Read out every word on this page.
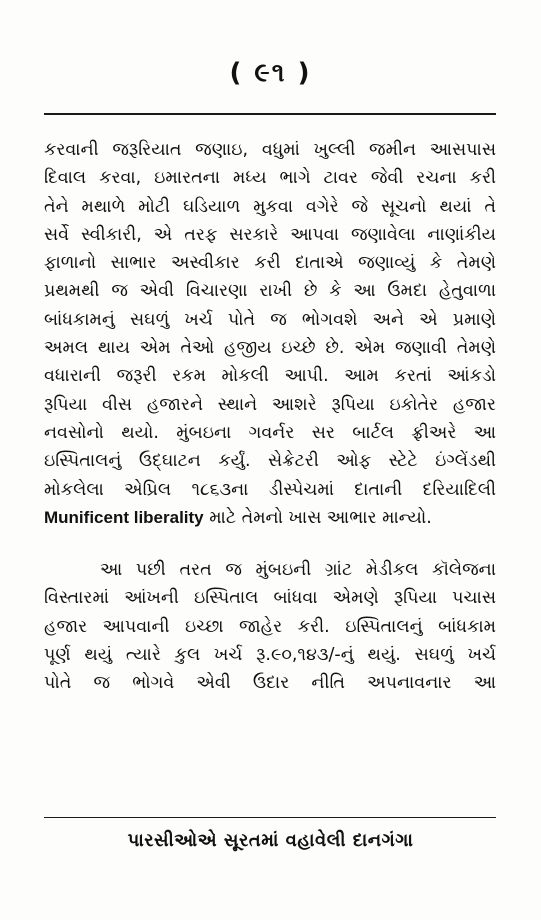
( ૯૧ )
કરવાની જરૂરિયાત જણાઇ, વધુમાં ખુલ્લી જમીન આસપાસ
દિવાલ કરવા, ઇમારતના મધ્ય ભાગે ટાવર જેવી રચના કરી
તેને મથાળે મોટી ઘડિયાળ મુકવા વગેરે જે સૂચનો થયાં તે
સર્વે સ્વીકારી, એ તરફ સરકારે આપવા જણાવેલા નાણાંકીય
ફાળાનો સાભાર અસ્વીકાર કરી દાતાએ જણાવ્યું કે તેમણે
પ્રથમથી જ એવી વિચારણા રાખી છે કે આ ઉમદા હેતુવાળા
બાંધકામનું સઘળું ખર્ચ પોતે જ ભોગવશે અને એ પ્રમાણે
અમલ થાય એમ તેઓ હજીય ઇચ્છે છે. એમ જણાવી તેમણે
વધારાની જરૂરી રકમ મોકલી આપી. આમ કરતાં આંકડો
રૂપિયા વીસ હજારને સ્થાને આશરે રૂપિયા ઇકોતેર હજાર
નવસોનો થયો. મુંબઇના ગવર્નર સર બાર્ટલ ફ્રીઅરે આ
ઇસ્પિતાલનું ઉદ્‌ઘાટન કર્યું. સેક્રેટરી ઓફ સ્ટેટે ઇંગ્લેંડથી
મોકલેલા એપ્રિલ ૧૮૬૩ના ડીસ્પેચમાં દાતાની દરિયાદિલી
Munificent liberality માટે તેમનો ખાસ આભાર માન્યો.
આ પછી તરત જ મુંબઇની ગ્રાંટ મેડીકલ કૉલેજના
વિસ્તારમાં આંખની ઇસ્પિતાલ બાંધવા એમણે રૂપિયા પચાસ
હજાર આપવાની ઇચ્છા જાહેર કરી. ઇસ્પિતાલનું બાંધકામ
પૂર્ણ થયું ત્યારે કુલ ખર્ચ રૂ.૯૦,૧૪૩/-નું થયું. સઘળું ખર્ચ
પોતે જ ભોગવે એવી ઉદાર નીતિ અપનાવનાર આ
પારસીઓએ સૂરતમાં વહાવેલી દાનગંગા
